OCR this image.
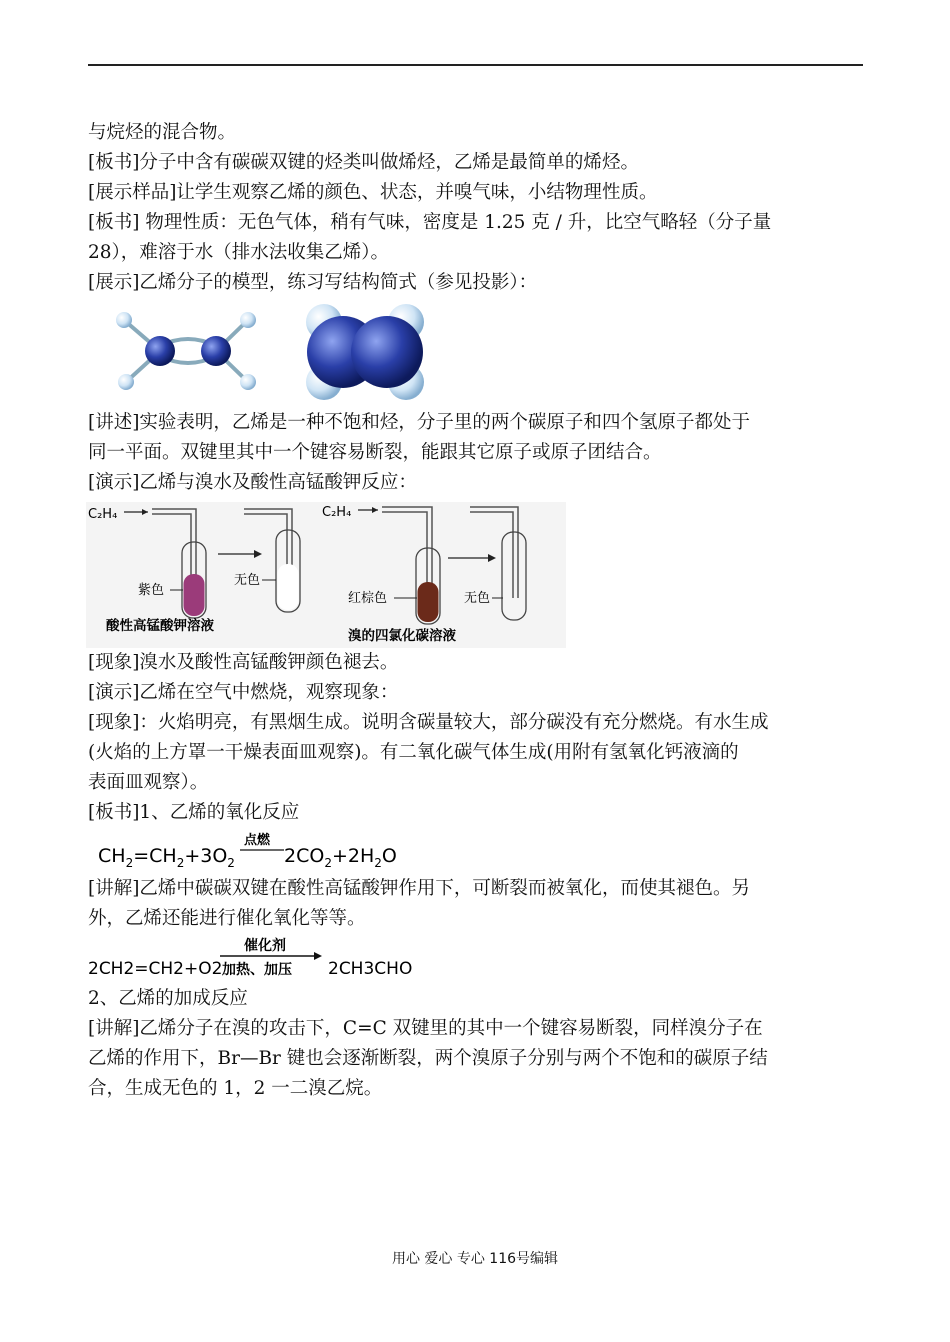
与烷烃的混合物。

[板书]分子中含有碳碳双键的烃类叫做烯烃，乙烯是最简单的烯烃。

[展示样品]让学生观察乙烯的颜色、状态，并嗅气味，小结物理性质。

[板书] 物理性质：无色气体，稍有气味，密度是 1.25 克 / 升，比空气略轻（分子量

28），难溶于水（排水法收集乙烯）。

[展示]乙烯分子的模型，练习写结构简式（参见投影）：

[讲述]实验表明，乙烯是一种不饱和烃，分子里的两个碳原子和四个氢原子都处于

同一平面。双键里其中一个键容易断裂，能跟其它原子或原子团结合。

[演示]乙烯与溴水及酸性高锰酸钾反应：

C₂H₄
紫色
无色
酸性高锰酸钾溶液
C₂H₄
红棕色	无色
溴的四氯化碳溶液

[现象]溴水及酸性高锰酸钾颜色褪去。

[演示]乙烯在空气中燃烧，观察现象：

[现象]：火焰明亮，有黑烟生成。说明含碳量较大，部分碳没有充分燃烧。有水生成

(火焰的上方罩一干燥表面皿观察)。有二氧化碳气体生成(用附有氢氧化钙液滴的

表面皿观察）。

[板书]1、乙烯的氧化反应

$CH_2=CH_2+3O_2$
点燃
$2CO_2+2H_2O$

[讲解]乙烯中碳碳双键在酸性高锰酸钾作用下，可断裂而被氧化，而使其褪色。另

外，乙烯还能进行催化氧化等等。

2CH2=CH2+O2
催化剂
加热、加压 2CH3CHO

2、乙烯的加成反应

[讲解]乙烯分子在溴的攻击下，C=C 双键里的其中一个键容易断裂，同样溴分子在

乙烯的作用下，Br—Br 键也会逐渐断裂，两个溴原子分别与两个不饱和的碳原子结

合，生成无色的 1，2 一二溴乙烷。

用心 爱心 专心 116号编辑
